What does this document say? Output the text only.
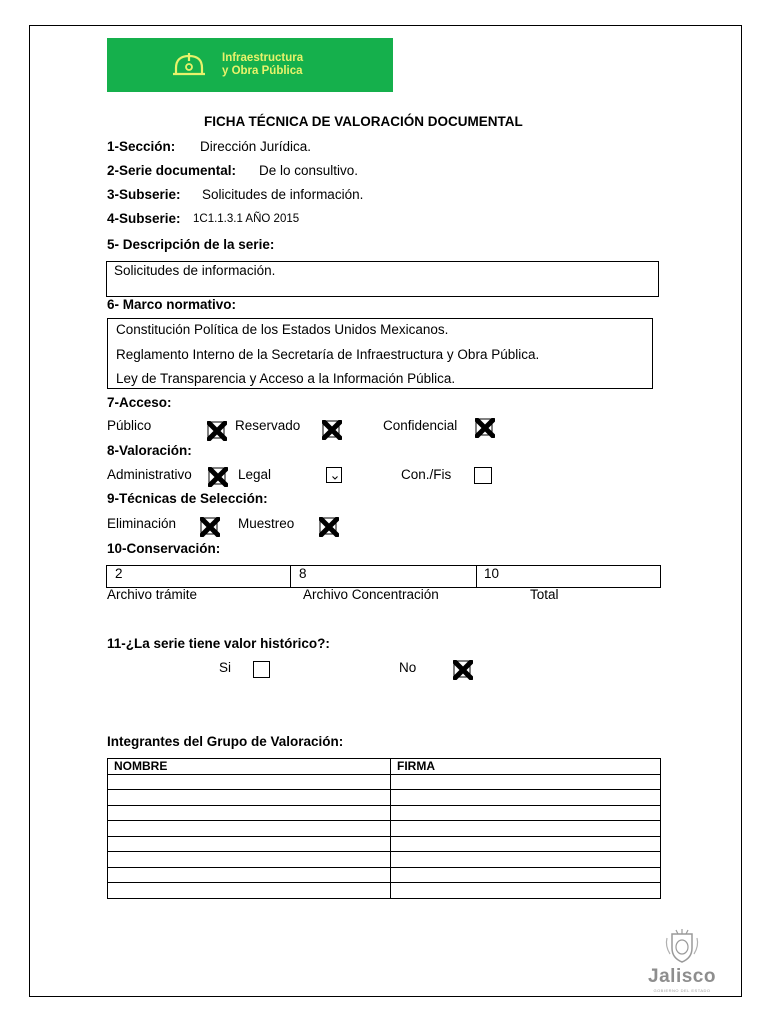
Infraestructura
y Obra Pública
FICHA TÉCNICA DE VALORACIÓN DOCUMENTAL
1-Sección: Dirección Jurídica.
2-Serie documental: De lo consultivo.
3-Subserie: Solicitudes de información.
4-Subserie: 1C1.1.3.1 AÑO 2015
5- Descripción de la serie:
Solicitudes de información.
6- Marco normativo:
Constitución Política de los Estados Unidos Mexicanos.
Reglamento Interno de la Secretaría de Infraestructura y Obra Pública.
Ley de Transparencia y Acceso a la Información Pública.
7-Acceso:
Público	Reservado	Confidencial
8-Valoración:
Administrativo	Legal	Con./Fis
9-Técnicas de Selección:
Eliminación	Muestreo
10-Conservación:
2	8	10
Archivo trámite	Archivo Concentración	Total
11-¿La serie tiene valor histórico?:
Si	No
Integrantes del Grupo de Valoración:
NOMBRE	FIRMA

Jalisco
GOBIERNO DEL ESTADO
